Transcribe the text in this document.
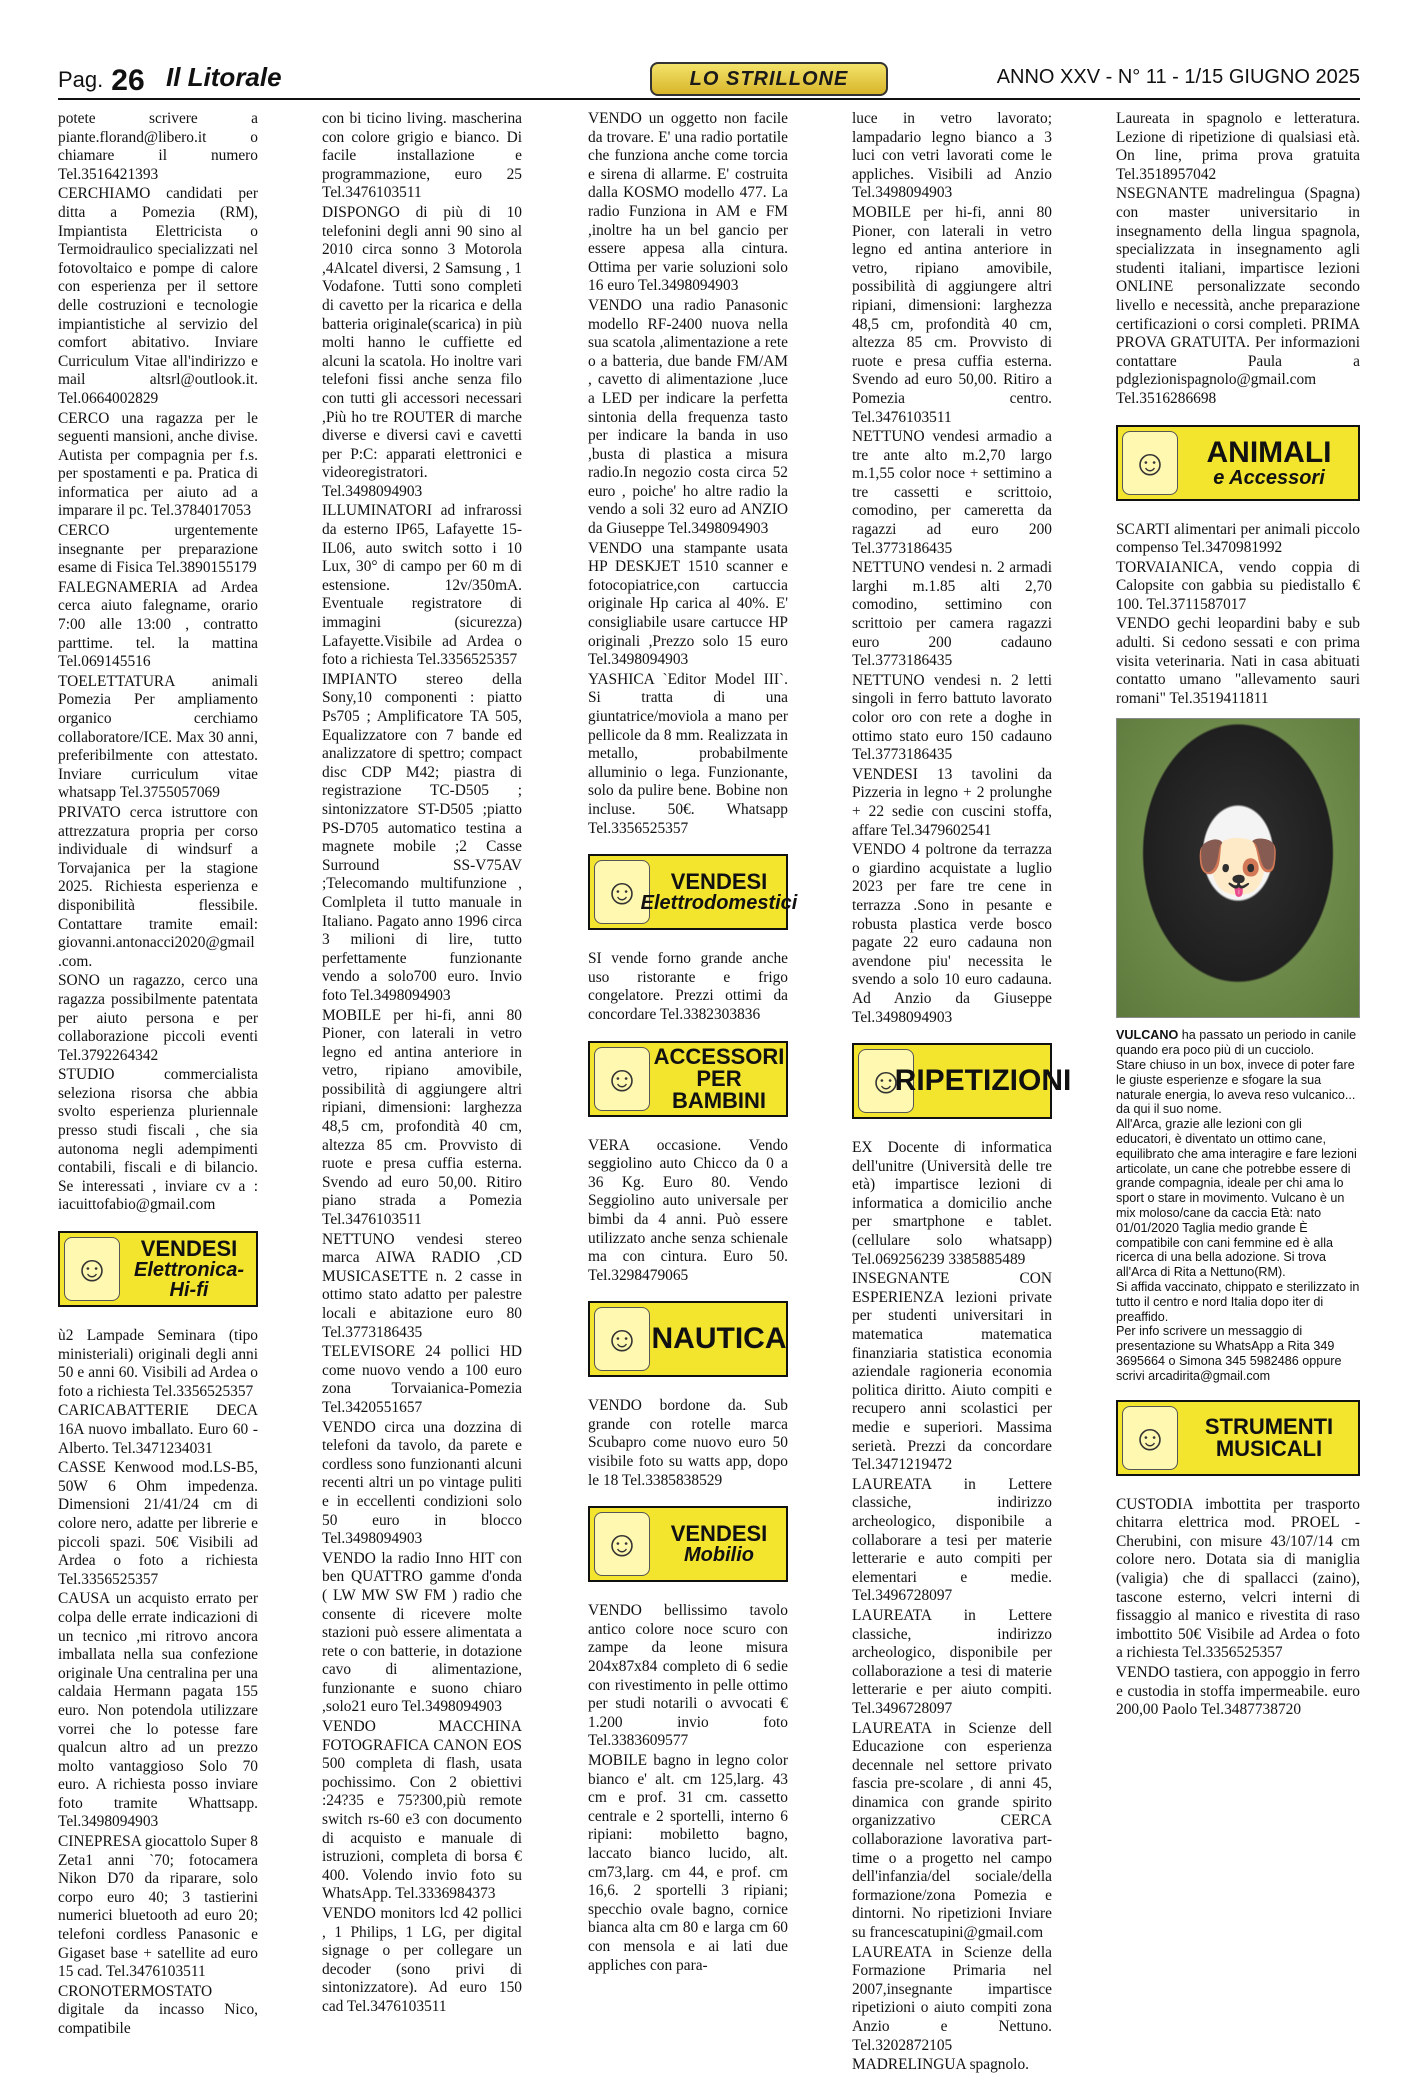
Pag. 26 Il Litorale	LO STRILLONE	ANNO XXV - N° 11 - 1/15 GIUGNO 2025

potete scrivere a piante.florand@libero.it o chiamare il numero Tel.3516421393

CERCHIAMO candidati per ditta a Pomezia (RM), Impiantista Elettricista o Termoidraulico specializzati nel fotovoltaico e pompe di calore con esperienza per il settore delle costruzioni e tecnologie impiantistiche al servizio del comfort abitativo. Inviare Curriculum Vitae all'indirizzo e mail altsrl@outlook.it. Tel.0664002829

CERCO una ragazza per le seguenti mansioni, anche divise. Autista per compagnia per f.s. per spostamenti e pa. Pratica di informatica per aiuto ad a imparare il pc. Tel.3784017053

CERCO urgentemente insegnante per preparazione esame di Fisica Tel.3890155179

FALEGNAMERIA ad Ardea cerca aiuto falegname, orario 7:00 alle 13:00 , contratto parttime. tel. la mattina Tel.069145516

TOELETTATURA animali Pomezia Per ampliamento organico cerchiamo collaboratore/ICE. Max 30 anni, preferibilmente con attestato. Inviare curriculum vitae whatsapp Tel.3755057069

PRIVATO cerca istruttore con attrezzatura propria per corso individuale di windsurf a Torvajanica per la stagione 2025. Richiesta esperienza e disponibilità flessibile. Contattare tramite email: giovanni.antonacci2020@gmail.com.

SONO un ragazzo, cerco una ragazza possibilmente patentata per aiuto persona e per collaborazione piccoli eventi Tel.3792264342

STUDIO commercialista seleziona risorsa che abbia svolto esperienza pluriennale presso studi fiscali , che sia autonoma negli adempimenti contabili, fiscali e di bilancio. Se interessati , inviare cv a : iacuittofabio@gmail.com

☺
VENDESI
Elettronica-Hi-fi

ù2 Lampade Seminara (tipo ministeriali) originali degli anni 50 e anni 60. Visibili ad Ardea o foto a richiesta Tel.3356525357

CARICABATTERIE DECA 16A nuovo imballato. Euro 60 - Alberto. Tel.3471234031

CASSE Kenwood mod.LS-B5, 50W 6 Ohm impedenza. Dimensioni 21/41/24 cm di colore nero, adatte per librerie e piccoli spazi. 50€ Visibili ad Ardea o foto a richiesta Tel.3356525357

CAUSA un acquisto errato per colpa delle errate indicazioni di un tecnico ,mi ritrovo ancora imballata nella sua confezione originale Una centralina per una caldaia Hermann pagata 155 euro. Non potendola utilizzare vorrei che lo potesse fare qualcun altro ad un prezzo molto vantaggioso Solo 70 euro. A richiesta posso inviare foto tramite Whattsapp. Tel.3498094903

CINEPRESA giocattolo Super 8 Zeta1 anni `70; fotocamera Nikon D70 da riparare, solo corpo euro 40; 3 tastierini numerici bluetooth ad euro 20; telefoni cordless Panasonic e Gigaset base + satellite ad euro 15 cad. Tel.3476103511

CRONOTERMOSTATO digitale da incasso Nico, compatibile

con bi ticino living. mascherina con colore grigio e bianco. Di facile installazione e programmazione, euro 25 Tel.3476103511

DISPONGO di più di 10 telefonini degli anni 90 sino al 2010 circa sonno 3 Motorola ,4Alcatel diversi, 2 Samsung , 1 Vodafone. Tutti sono completi di cavetto per la ricarica e della batteria originale(scarica) in più molti hanno le cuffiette ed alcuni la scatola. Ho inoltre vari telefoni fissi anche senza filo con tutti gli accessori necessari ,Più ho tre ROUTER di marche diverse e diversi cavi e cavetti per P:C: apparati elettronici e videoregistratori. Tel.3498094903

ILLUMINATORI ad infrarossi da esterno IP65, Lafayette 15-IL06, auto switch sotto i 10 Lux, 30° di campo per 60 m di estensione. 12v/350mA. Eventuale registratore di immagini (sicurezza) Lafayette.Visibile ad Ardea o foto a richiesta Tel.3356525357

IMPIANTO stereo della Sony,10 componenti : piatto Ps705 ; Amplificatore TA 505, Equalizzatore con 7 bande ed analizzatore di spettro; compact disc CDP M42; piastra di registrazione TC-D505 ; sintonizzatore ST-D505 ;piatto PS-D705 automatico testina a magnete mobile ;2 Casse Surround SS-V75AV ;Telecomando multifunzione , Comlpleta il tutto manuale in Italiano. Pagato anno 1996 circa 3 milioni di lire, tutto perfettamente funzionante vendo a solo700 euro. Invio foto Tel.3498094903

MOBILE per hi-fi, anni 80 Pioner, con laterali in vetro legno ed antina anteriore in vetro, ripiano amovibile, possibilità di aggiungere altri ripiani, dimensioni: larghezza 48,5 cm, profondità 40 cm, altezza 85 cm. Provvisto di ruote e presa cuffia esterna. Svendo ad euro 50,00. Ritiro piano strada a Pomezia Tel.3476103511

NETTUNO vendesi stereo marca AIWA RADIO ,CD MUSICASETTE n. 2 casse in ottimo stato adatto per palestre locali e abitazione euro 80 Tel.3773186435

TELEVISORE 24 pollici HD come nuovo vendo a 100 euro zona Torvaianica-Pomezia Tel.3420551657

VENDO circa una dozzina di telefoni da tavolo, da parete e cordless sono funzionanti alcuni recenti altri un po vintage puliti e in eccellenti condizioni solo 50 euro in blocco Tel.3498094903

VENDO la radio Inno HIT con ben QUATTRO gamme d'onda ( LW MW SW FM ) radio che consente di ricevere molte stazioni può essere alimentata a rete o con batterie, in dotazione cavo di alimentazione, funzionante e suono chiaro ,solo21 euro Tel.3498094903

VENDO MACCHINA FOTOGRAFICA CANON EOS 500 completa di flash, usata pochissimo. Con 2 obiettivi :24?35 e 75?300,più remote switch rs-60 e3 con documento di acquisto e manuale di istruzioni, completa di borsa € 400. Volendo invio foto su WhatsApp. Tel.3336984373

VENDO monitors lcd 42 pollici , 1 Philips, 1 LG, per digital signage o per collegare un decoder (sono privi di sintonizzatore). Ad euro 150 cad Tel.3476103511

VENDO un oggetto non facile da trovare. E' una radio portatile che funziona anche come torcia e sirena di allarme. E' costruita dalla KOSMO modello 477. La radio Funziona in AM e FM ,inoltre ha un bel gancio per essere appesa alla cintura. Ottima per varie soluzioni solo 16 euro Tel.3498094903

VENDO una radio Panasonic modello RF-2400 nuova nella sua scatola ,alimentazione a rete o a batteria, due bande FM/AM , cavetto di alimentazione ,luce a LED per indicare la perfetta sintonia della frequenza tasto per indicare la banda in uso ,busta di plastica a misura radio.In negozio costa circa 52 euro , poiche' ho altre radio la vendo a soli 32 euro ad ANZIO da Giuseppe Tel.3498094903

VENDO una stampante usata HP DESKJET 1510 scanner e fotocopiatrice,con cartuccia originale Hp carica al 40%. E' consigliabile usare cartucce HP originali ,Prezzo solo 15 euro Tel.3498094903

YASHICA `Editor Model III`. Si tratta di una giuntatrice/moviola a mano per pellicole da 8 mm. Realizzata in metallo, probabilmente alluminio o lega. Funzionante, solo da pulire bene. Bobine non incluse. 50€. Whatsapp Tel.3356525357

☺	VENDESI
Elettrodomestici

SI vende forno grande anche uso ristorante e frigo congelatore. Prezzi ottimi da concordare Tel.3382303836

☺
ACCESSORI
PER BAMBINI

VERA occasione. Vendo seggiolino auto Chicco da 0 a 36 Kg. Euro 80. Vendo Seggiolino auto universale per bimbi da 4 anni. Può essere utilizzato anche senza schienale ma con cintura. Euro 50. Tel.3298479065

☺ NAUTICA

VENDO bordone da. Sub grande con rotelle marca Scubapro come nuovo euro 50 visibile foto su watts app, dopo le 18 Tel.3385838529

☺	VENDESI
Mobilio

VENDO bellissimo tavolo antico colore noce scuro con zampe da leone misura 204x87x84 completo di 6 sedie con rivestimento in pelle ottimo per studi notarili o avvocati € 1.200 invio foto Tel.3383609577

MOBILE bagno in legno color bianco e' alt. cm 125,larg. 43 cm e prof. 31 cm. cassetto centrale e 2 sportelli, interno 6 ripiani: mobiletto bagno, laccato bianco lucido, alt. cm73,larg. cm 44, e prof. cm 16,6. 2 sportelli 3 ripiani; specchio ovale bagno, cornice bianca alta cm 80 e larga cm 60 con mensola e ai lati due appliches con para-

luce in vetro lavorato; lampadario legno bianco a 3 luci con vetri lavorati come le appliches. Visibili ad Anzio Tel.3498094903

MOBILE per hi-fi, anni 80 Pioner, con laterali in vetro legno ed antina anteriore in vetro, ripiano amovibile, possibilità di aggiungere altri ripiani, dimensioni: larghezza 48,5 cm, profondità 40 cm, altezza 85 cm. Provvisto di ruote e presa cuffia esterna. Svendo ad euro 50,00. Ritiro a Pomezia centro. Tel.3476103511

NETTUNO vendesi armadio a tre ante alto m.2,70 largo m.1,55 color noce + settimino a tre cassetti e scrittoio, comodino, per cameretta da ragazzi ad euro 200 Tel.3773186435

NETTUNO vendesi n. 2 armadi larghi m.1.85 alti 2,70 comodino, settimino con scrittoio per camera ragazzi euro 200 cadauno Tel.3773186435

NETTUNO vendesi n. 2 letti singoli in ferro battuto lavorato color oro con rete a doghe in ottimo stato euro 150 cadauno Tel.3773186435

VENDESI 13 tavolini da Pizzeria in legno + 2 prolunghe + 22 sedie con cuscini stoffa, affare Tel.3479602541

VENDO 4 poltrone da terrazza o giardino acquistate a luglio 2023 per fare tre cene in terrazza .Sono in pesante e robusta plastica verde bosco pagate 22 euro cadauna non avendone piu' necessita le svendo a solo 10 euro cadauna. Ad Anzio da Giuseppe Tel.3498094903

☺
RIPETIZIONI

EX Docente di informatica dell'unitre (Università delle tre età) impartisce lezioni di informatica a domicilio anche per smartphone e tablet. (cellulare solo whatsapp) Tel.069256239 3385885489

INSEGNANTE CON ESPERIENZA lezioni private per studenti universitari in matematica matematica finanziaria statistica economia aziendale ragioneria economia politica diritto. Aiuto compiti e recupero anni scolastici per medie e superiori. Massima serietà. Prezzi da concordare Tel.3471219472

LAUREATA in Lettere classiche, indirizzo archeologico, disponibile a collaborare a tesi per materie letterarie e auto compiti per elementari e medie. Tel.3496728097

LAUREATA in Lettere classiche, indirizzo archeologico, disponibile per collaborazione a tesi di materie letterarie e per aiuto compiti. Tel.3496728097

LAUREATA in Scienze dell Educazione con esperienza decennale nel settore privato fascia pre-scolare , di anni 45, dinamica con grande spirito organizzativo CERCA collaborazione lavorativa part-time o a progetto nel campo dell'infanzia/del sociale/della formazione/zona Pomezia e dintorni. No ripetizioni Inviare su francescatupini@gmail.com

LAUREATA in Scienze della Formazione Primaria nel 2007,insegnante impartisce ripetizioni o aiuto compiti zona Anzio e Nettuno. Tel.3202872105

MADRELINGUA spagnolo.

Laureata in spagnolo e letteratura. Lezione di ripetizione di qualsiasi età. On line, prima prova gratuita Tel.3518957042

NSEGNANTE madrelingua (Spagna) con master universitario in insegnamento della lingua spagnola, specializzata in insegnamento agli studenti italiani, impartisce lezioni ONLINE personalizzate secondo livello e necessità, anche preparazione certificazioni o corsi completi. PRIMA PROVA GRATUITA. Per informazioni contattare Paula a pdglezionispagnolo@gmail.com Tel.3516286698

☺	ANIMALI
e Accessori

SCARTI alimentari per animali piccolo compenso Tel.3470981992

TORVAIANICA, vendo coppia di Calopsite con gabbia su piedistallo € 100. Tel.3711587017

VENDO gechi leopardini baby e sub adulti. Si cedono sessati e con prima visita veterinaria. Nati in casa abituati contatto umano "allevamento sauri romani" Tel.3519411811

🐶

VULCANO ha passato un periodo in canile quando era poco più di un cucciolo.

Stare chiuso in un box, invece di poter fare le giuste esperienze e sfogare la sua naturale energia, lo aveva reso vulcanico... da qui il suo nome.

All'Arca, grazie alle lezioni con gli educatori, è diventato un ottimo cane, equilibrato che ama interagire e fare lezioni articolate, un cane che potrebbe essere di grande compagnia, ideale per chi ama lo sport o stare in movimento. Vulcano è un mix moloso/cane da caccia Età: nato 01/01/2020 Taglia medio grande È compatibile con cani femmine ed è alla ricerca di una bella adozione. Si trova all'Arca di Rita a Nettuno(RM).

Si affida vaccinato, chippato e sterilizzato in tutto il centro e nord Italia dopo iter di preaffido.

Per info scrivere un messaggio di presentazione su WhatsApp a Rita 349 3695664 o Simona 345 5982486 oppure scrivi arcadirita@gmail.com

☺	STRUMENTI
MUSICALI

CUSTODIA imbottita per trasporto chitarra elettrica mod. PROEL - Cherubini, con misure 43/107/14 cm colore nero. Dotata sia di maniglia (valigia) che di spallacci (zaino), tascone esterno, velcri interni di fissaggio al manico e rivestita di raso imbottito 50€ Visibile ad Ardea o foto a richiesta Tel.3356525357

VENDO tastiera, con appoggio in ferro e custodia in stoffa impermeabile. euro 200,00 Paolo Tel.3487738720
